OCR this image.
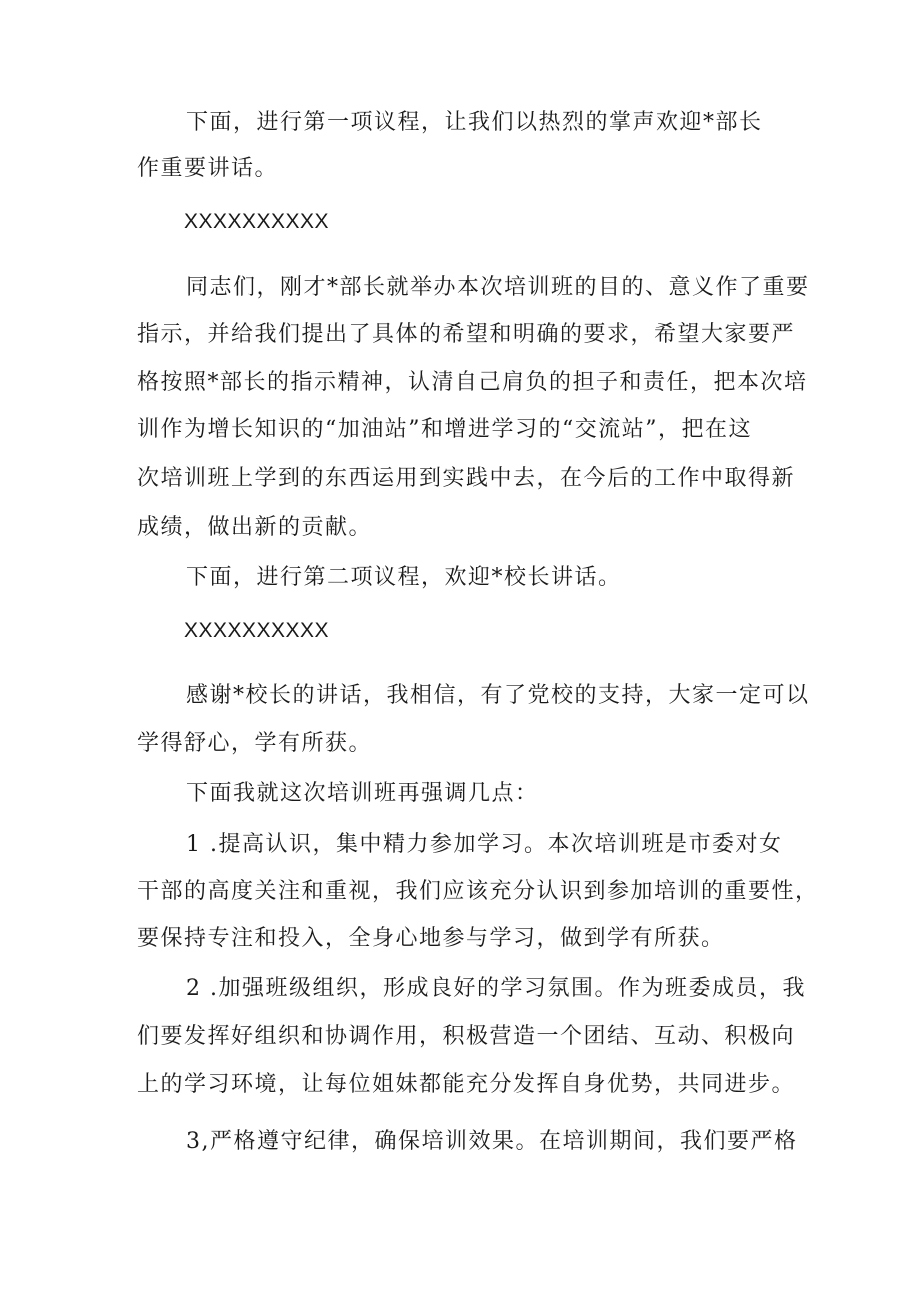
下面，进行第一项议程，让我们以热烈的掌声欢迎*部长
作重要讲话。
XXXXXXXXXX
同志们，刚才*部长就举办本次培训班的目的、意义作了重要
指示，并给我们提出了具体的希望和明确的要求，希望大家要严
格按照*部长的指示精神，认清自己肩负的担子和责任，把本次培
训作为增长知识的“加油站”和增进学习的“交流站”，把在这
次培训班上学到的东西运用到实践中去，在今后的工作中取得新
成绩，做出新的贡献。
下面，进行第二项议程，欢迎*校长讲话。
XXXXXXXXXX
感谢*校长的讲话，我相信，有了党校的支持，大家一定可以
学得舒心，学有所获。
下面我就这次培训班再强调几点：
1 .提高认识，集中精力参加学习。本次培训班是市委对女
干部的高度关注和重视，我们应该充分认识到参加培训的重要性，
要保持专注和投入，全身心地参与学习，做到学有所获。
2 .加强班级组织，形成良好的学习氛围。作为班委成员，我
们要发挥好组织和协调作用，积极营造一个团结、互动、积极向
上的学习环境，让每位姐妹都能充分发挥自身优势，共同进步。
3,严格遵守纪律，确保培训效果。在培训期间，我们要严格
